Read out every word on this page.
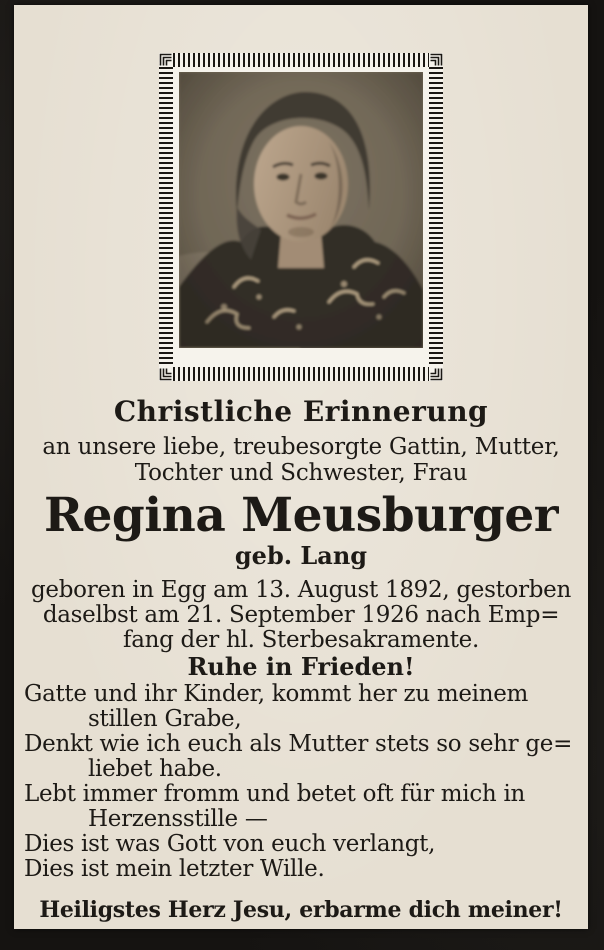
Christliche Erinnerung
an unsere liebe, treubesorgte Gattin, Mutter,
Tochter und Schwester, Frau
Regina Meusburger
geb. Lang
geboren in Egg am 13. August 1892, gestorben
daselbst am 21. September 1926 nach Emp=
fang der hl. Sterbesakramente.
Ruhe in Frieden!
Gatte und ihr Kinder, kommt her zu meinem
stillen Grabe,
Denkt wie ich euch als Mutter stets so sehr ge=
liebet habe.
Lebt immer fromm und betet oft für mich in
Herzensstille —
Dies ist was Gott von euch verlangt,
Dies ist mein letzter Wille.
Heiligstes Herz Jesu, erbarme dich meiner!
